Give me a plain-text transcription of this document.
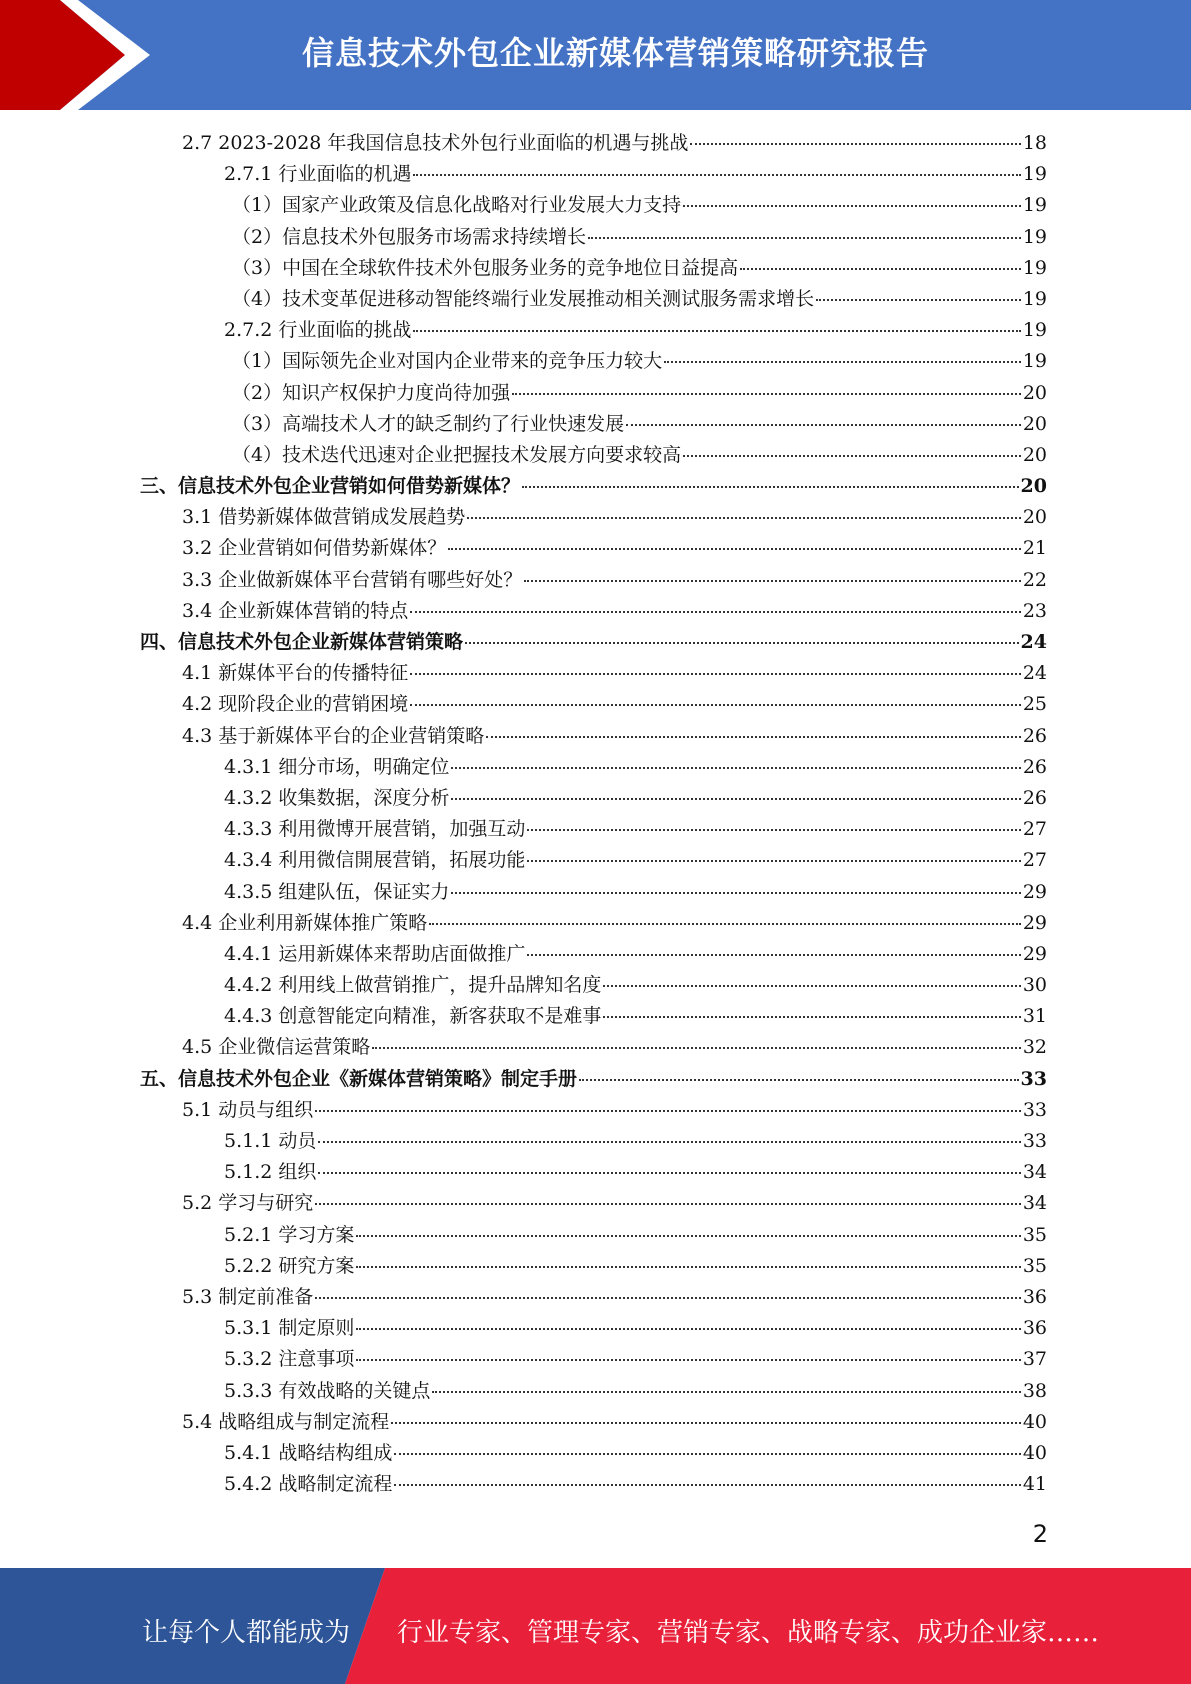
信息技术外包企业新媒体营销策略研究报告
2.7 2023-2028 年我国信息技术外包行业面临的机遇与挑战	18
2.7.1 行业面临的机遇	19
（1）国家产业政策及信息化战略对行业发展大力支持	19
（2）信息技术外包服务市场需求持续增长	19
（3）中国在全球软件技术外包服务业务的竞争地位日益提高	19
（4）技术变革促进移动智能终端行业发展推动相关测试服务需求增长	19
2.7.2 行业面临的挑战	19
（1）国际领先企业对国内企业带来的竞争压力较大	19
（2）知识产权保护力度尚待加强	20
（3）高端技术人才的缺乏制约了行业快速发展	20
（4）技术迭代迅速对企业把握技术发展方向要求较高	20
三、信息技术外包企业营销如何借势新媒体？	20
3.1 借势新媒体做营销成发展趋势	20
3.2 企业营销如何借势新媒体？	21
3.3 企业做新媒体平台营销有哪些好处？	22
3.4 企业新媒体营销的特点	23
四、信息技术外包企业新媒体营销策略	24
4.1 新媒体平台的传播特征	24
4.2 现阶段企业的营销困境	25
4.3 基于新媒体平台的企业营销策略	26
4.3.1 细分市场，明确定位	26
4.3.2 收集数据，深度分析	26
4.3.3 利用微博开展营销，加强互动	27
4.3.4 利用微信開展营销，拓展功能	27
4.3.5 组建队伍，保证实力	29
4.4 企业利用新媒体推广策略	29
4.4.1 运用新媒体来帮助店面做推广	29
4.4.2 利用线上做营销推广，提升品牌知名度	30
4.4.3 创意智能定向精准，新客获取不是难事	31
4.5 企业微信运营策略	32
五、信息技术外包企业《新媒体营销策略》制定手册	33
5.1 动员与组织	33
5.1.1 动员	33
5.1.2 组织	34
5.2 学习与研究	34
5.2.1 学习方案	35
5.2.2 研究方案	35
5.3 制定前准备	36
5.3.1 制定原则	36
5.3.2 注意事项	37
5.3.3 有效战略的关键点	38
5.4 战略组成与制定流程	40
5.4.1 战略结构组成	40
5.4.2 战略制定流程	41
2
让每个人都能成为 行业专家、管理专家、营销专家、战略专家、成功企业家……
